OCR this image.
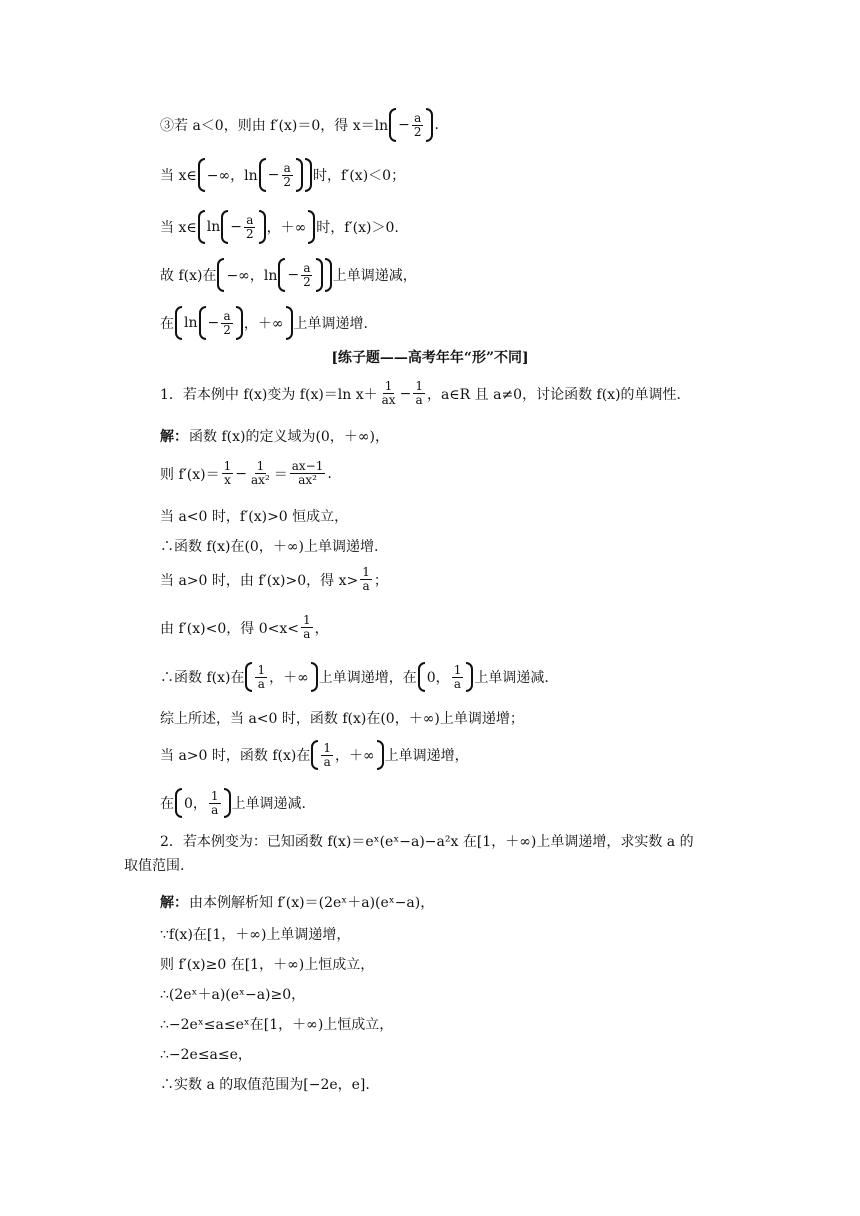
③若 a＜0，则由 f′(x)＝0，得 $x=\ln - \frac{a}{2}$ .
当 x∈ −∞，$\ln - \frac{a}{2}$ 时，f′(x)＜0；
当 x∈ $\ln - \frac{a}{2}$ ，＋∞ 时，f′(x)＞0.
故 f(x)在 −∞，$\ln - \frac{a}{2}$ 上单调递减，
在 $\ln - \frac{a}{2}$ ，＋∞ 上单调递增.
[练子题——高考年年“形”不同]
1．若本例中 f(x)变为 f(x)＝ln $x+ \frac{1}{ax} - \frac{1}{a}$ ，a∈R 且 a≠0，讨论函数 f(x)的单调性.
解： 函数 f(x)的定义域为(0，＋∞)，
则 $f'(x)= \frac{1}{x} - \frac{1}{\text{ax²}} = \frac{ax-1}{\text{ax²}}$ .
当 a<0 时，f′(x)>0 恒成立，
∴函数 f(x)在(0，＋∞)上单调递增.
当 a>0 时，由 f′(x)>0，得 $x> \frac{1}{a}$ ；
由 f′(x)<0，得 $0<x< \frac{1}{a}$ ，
∴函数 f(x)在 $\frac{1}{a}$ ，＋∞ 上单调递增，在 0， $\frac{1}{a}$ 上单调递减.
综上所述，当 a<0 时，函数 f(x)在(0，＋∞)上单调递增；
当 a>0 时，函数 f(x)在 $\frac{1}{a}$ ，＋∞ 上单调递增，
在 0， $\frac{1}{a}$ 上单调递减.
2．若本例变为：已知函数 f(x)＝eˣ(eˣ−a)−a²x 在[1，＋∞)上单调递增，求实数 a 的取值范围.
解： 由本例解析知 f′(x)＝(2eˣ＋a)(eˣ−a)，
∵f(x)在[1，＋∞)上单调递增，
则 f′(x)≥0 在[1，＋∞)上恒成立，
∴(2eˣ＋a)(eˣ−a)≥0，
∴−2eˣ≤a≤eˣ在[1，＋∞)上恒成立，
∴−2e≤a≤e，
∴实数 a 的取值范围为[−2e，e].
